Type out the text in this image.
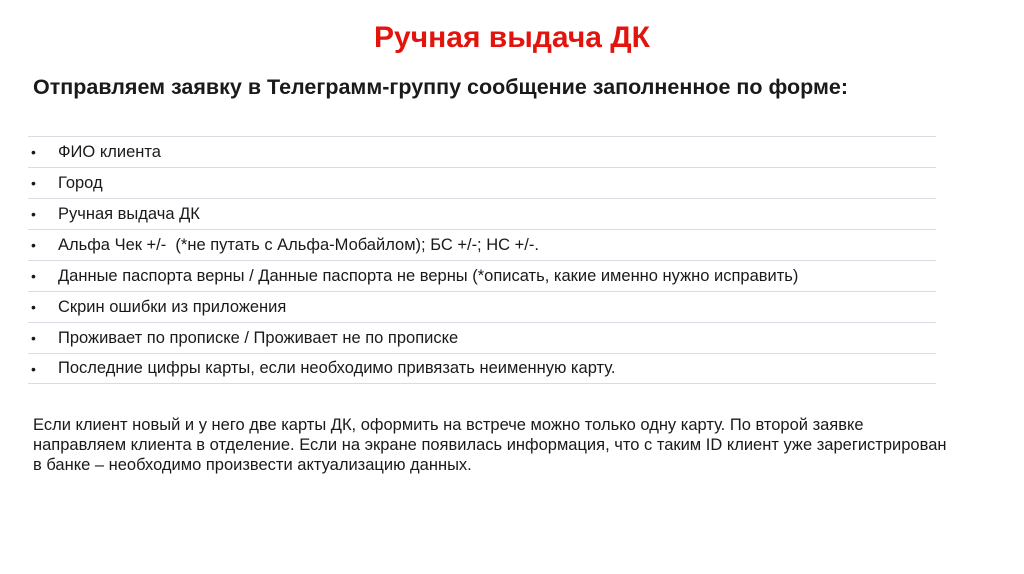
Ручная выдача ДК
Отправляем заявку в Телеграмм-группу сообщение заполненное по форме:
•	ФИО клиента
•	Город
•	Ручная выдача ДК
•	Альфа Чек +/-  (*не путать с Альфа-Мобайлом); БС +/-; НС +/-.
•	Данные паспорта верны / Данные паспорта не верны (*описать, какие именно нужно исправить)
•	Скрин ошибки из приложения
•	Проживает по прописке / Проживает не по прописке
•	Последние цифры карты, если необходимо привязать неименную карту.
Если клиент новый и у него две карты ДК, оформить на встрече можно только одну карту. По второй заявке направляем клиента в отделение. Если на экране появилась информация, что с таким ID клиент уже зарегистрирован в банке – необходимо произвести актуализацию данных.
